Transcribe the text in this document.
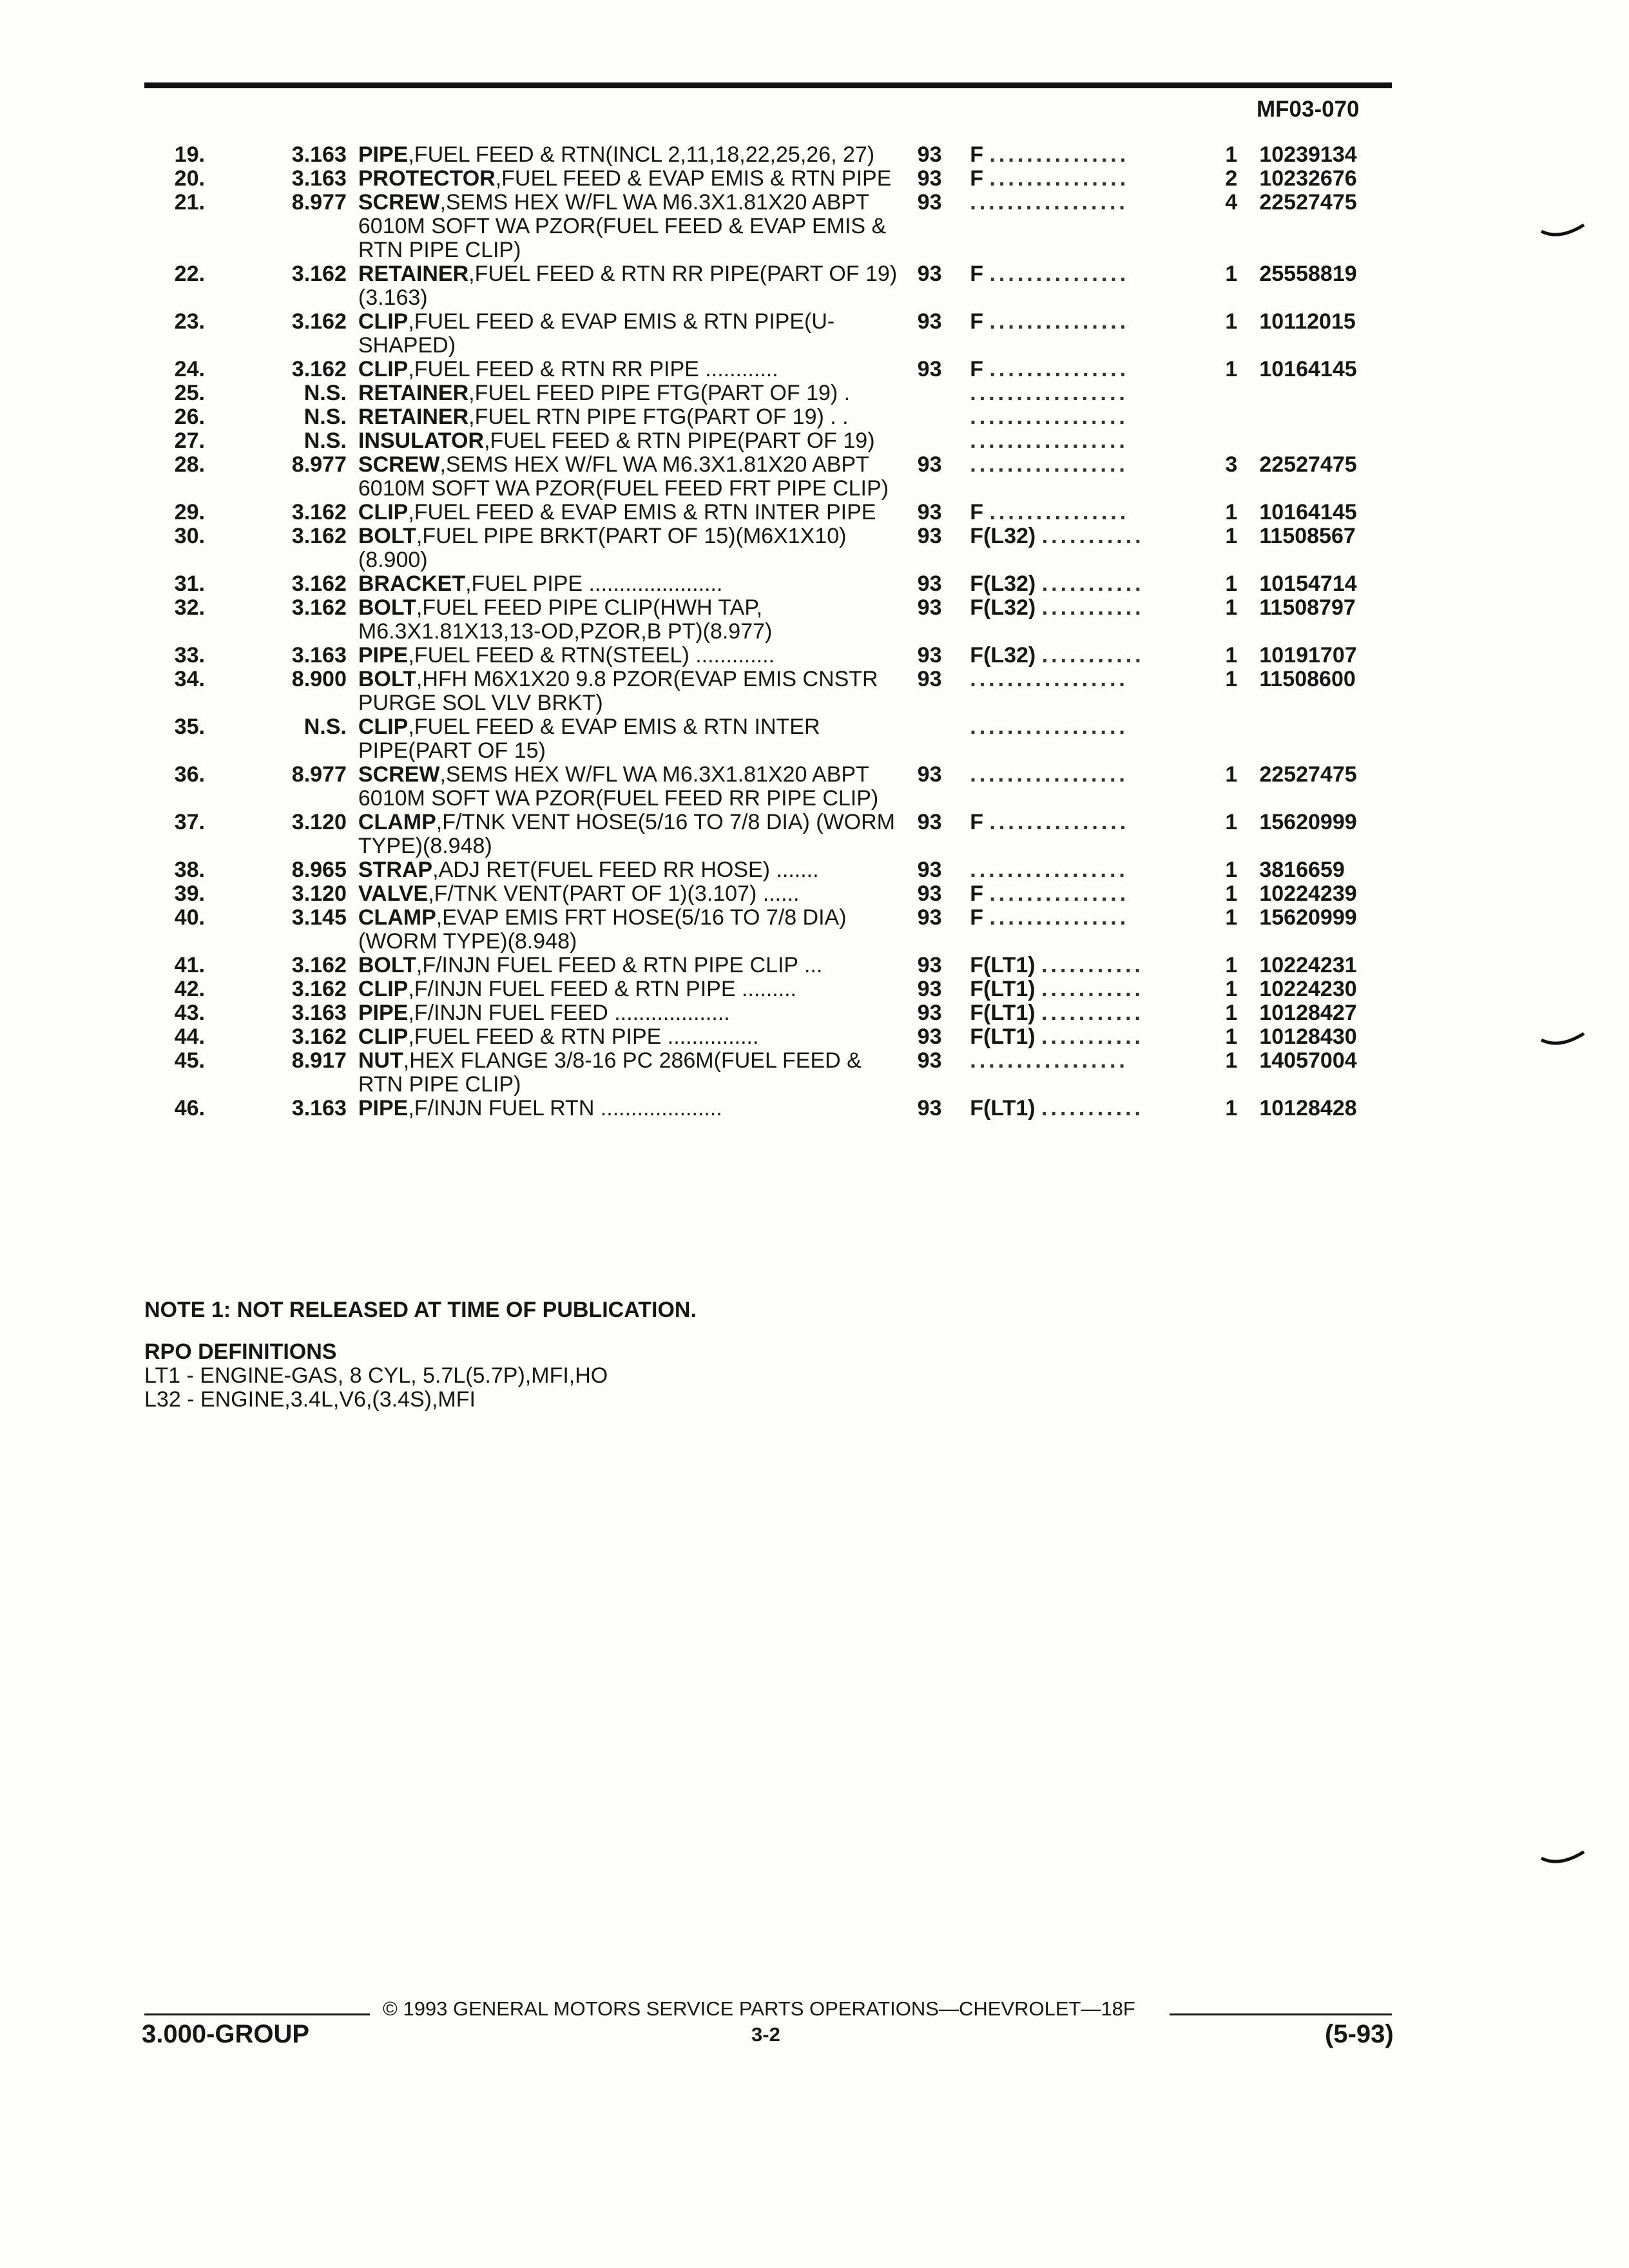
MF03-070
19.	3.163	PIPE,FUEL FEED & RTN(INCL 2,11,18,22,25,26, 27)	93	F ...............	1	10239134
20.	3.163	PROTECTOR,FUEL FEED & EVAP EMIS & RTN PIPE	93	F ...............	2	10232676
21.	8.977	SCREW,SEMS HEX W/FL WA M6.3X1.81X20 ABPT 6010M SOFT WA PZOR(FUEL FEED & EVAP EMIS & RTN PIPE CLIP)	93	.................	4	22527475
22.	3.162	RETAINER,FUEL FEED & RTN RR PIPE(PART OF 19)(3.163)	93	F ...............	1	25558819
23.	3.162	CLIP,FUEL FEED & EVAP EMIS & RTN PIPE(U-SHAPED)	93	F ...............	1	10112015
24.	3.162	CLIP,FUEL FEED & RTN RR PIPE ............	93	F ...............	1	10164145
25.	N.S.	RETAINER,FUEL FEED PIPE FTG(PART OF 19) .		.................		
26.	N.S.	RETAINER,FUEL RTN PIPE FTG(PART OF 19) . .		.................		
27.	N.S.	INSULATOR,FUEL FEED & RTN PIPE(PART OF 19)		.................		
28.	8.977	SCREW,SEMS HEX W/FL WA M6.3X1.81X20 ABPT 6010M SOFT WA PZOR(FUEL FEED FRT PIPE CLIP)	93	.................	3	22527475
29.	3.162	CLIP,FUEL FEED & EVAP EMIS & RTN INTER PIPE	93	F ...............	1	10164145
30.	3.162	BOLT,FUEL PIPE BRKT(PART OF 15)(M6X1X10) (8.900)	93	F(L32) ...........	1	11508567
31.	3.162	BRACKET,FUEL PIPE ......................	93	F(L32) ...........	1	10154714
32.	3.162	BOLT,FUEL FEED PIPE CLIP(HWH TAP, M6.3X1.81X13,13-OD,PZOR,B PT)(8.977)	93	F(L32) ...........	1	11508797
33.	3.163	PIPE,FUEL FEED & RTN(STEEL) .............	93	F(L32) ...........	1	10191707
34.	8.900	BOLT,HFH M6X1X20 9.8 PZOR(EVAP EMIS CNSTR PURGE SOL VLV BRKT)	93	.................	1	11508600
35.	N.S.	CLIP,FUEL FEED & EVAP EMIS & RTN INTER PIPE(PART OF 15)		.................		
36.	8.977	SCREW,SEMS HEX W/FL WA M6.3X1.81X20 ABPT 6010M SOFT WA PZOR(FUEL FEED RR PIPE CLIP)	93	.................	1	22527475
37.	3.120	CLAMP,F/TNK VENT HOSE(5/16 TO 7/8 DIA) (WORM TYPE)(8.948)	93	F ...............	1	15620999
38.	8.965	STRAP,ADJ RET(FUEL FEED RR HOSE) .......	93	.................	1	3816659
39.	3.120	VALVE,F/TNK VENT(PART OF 1)(3.107) ......	93	F ...............	1	10224239
40.	3.145	CLAMP,EVAP EMIS FRT HOSE(5/16 TO 7/8 DIA)(WORM TYPE)(8.948)	93	F ...............	1	15620999
41.	3.162	BOLT,F/INJN FUEL FEED & RTN PIPE CLIP ...	93	F(LT1) ...........	1	10224231
42.	3.162	CLIP,F/INJN FUEL FEED & RTN PIPE .........	93	F(LT1) ...........	1	10224230
43.	3.163	PIPE,F/INJN FUEL FEED ...................	93	F(LT1) ...........	1	10128427
44.	3.162	CLIP,FUEL FEED & RTN PIPE ...............	93	F(LT1) ...........	1	10128430
45.	8.917	NUT,HEX FLANGE 3/8-16 PC 286M(FUEL FEED & RTN PIPE CLIP)	93	.................	1	14057004
46.	3.163	PIPE,F/INJN FUEL RTN ....................	93	F(LT1) ...........	1	10128428
NOTE 1: NOT RELEASED AT TIME OF PUBLICATION.
RPO DEFINITIONS
LT1 - ENGINE-GAS, 8 CYL, 5.7L(5.7P),MFI,HO
L32 - ENGINE,3.4L,V6,(3.4S),MFI
© 1993 GENERAL MOTORS SERVICE PARTS OPERATIONS—CHEVROLET—18F
3.000-GROUP	3-2	(5-93)
